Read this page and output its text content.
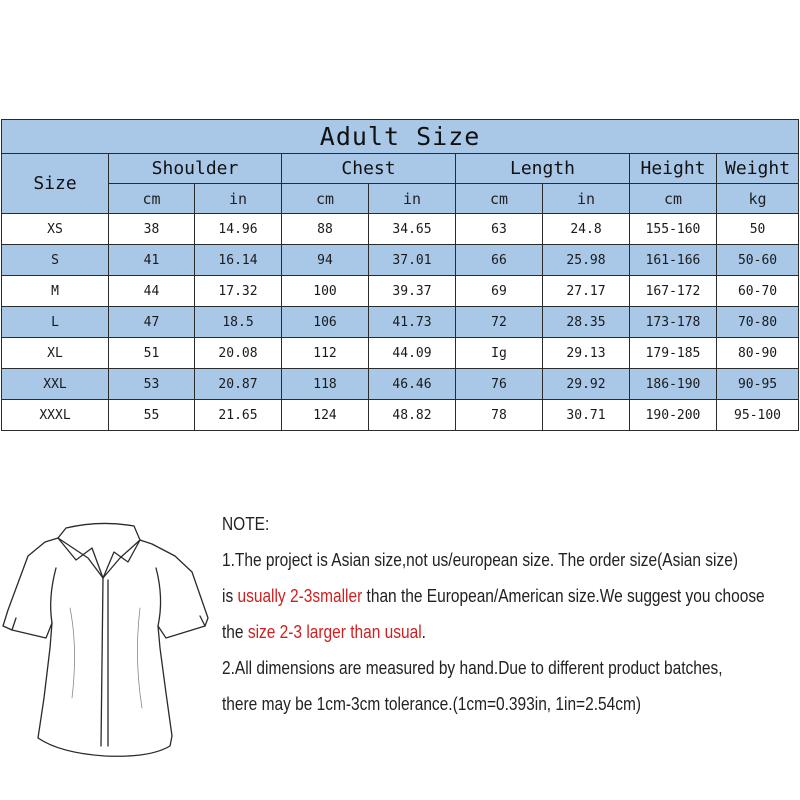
Adult Size								
Size	Shoulder		Chest		Length		Height	Weight
	cm	in	cm	in	cm	in	cm	kg
XS	38	14.96	88	34.65	63	24.8	155-160	50
S	41	16.14	94	37.01	66	25.98	161-166	50-60
M	44	17.32	100	39.37	69	27.17	167-172	60-70
L	47	18.5	106	41.73	72	28.35	173-178	70-80
XL	51	20.08	112	44.09	Ig	29.13	179-185	80-90
XXL	53	20.87	118	46.46	76	29.92	186-190	90-95
XXXL	55	21.65	124	48.82	78	30.71	190-200	95-100
NOTE:
1.The project is Asian size,not us/european size. The order size(Asian size)
is usually 2-3smaller than the European/American size.We suggest you choose
the size 2-3 larger than usual.
2.All dimensions are measured by hand.Due to different product batches,
there may be 1cm-3cm tolerance.(1cm=0.393in, 1in=2.54cm)
